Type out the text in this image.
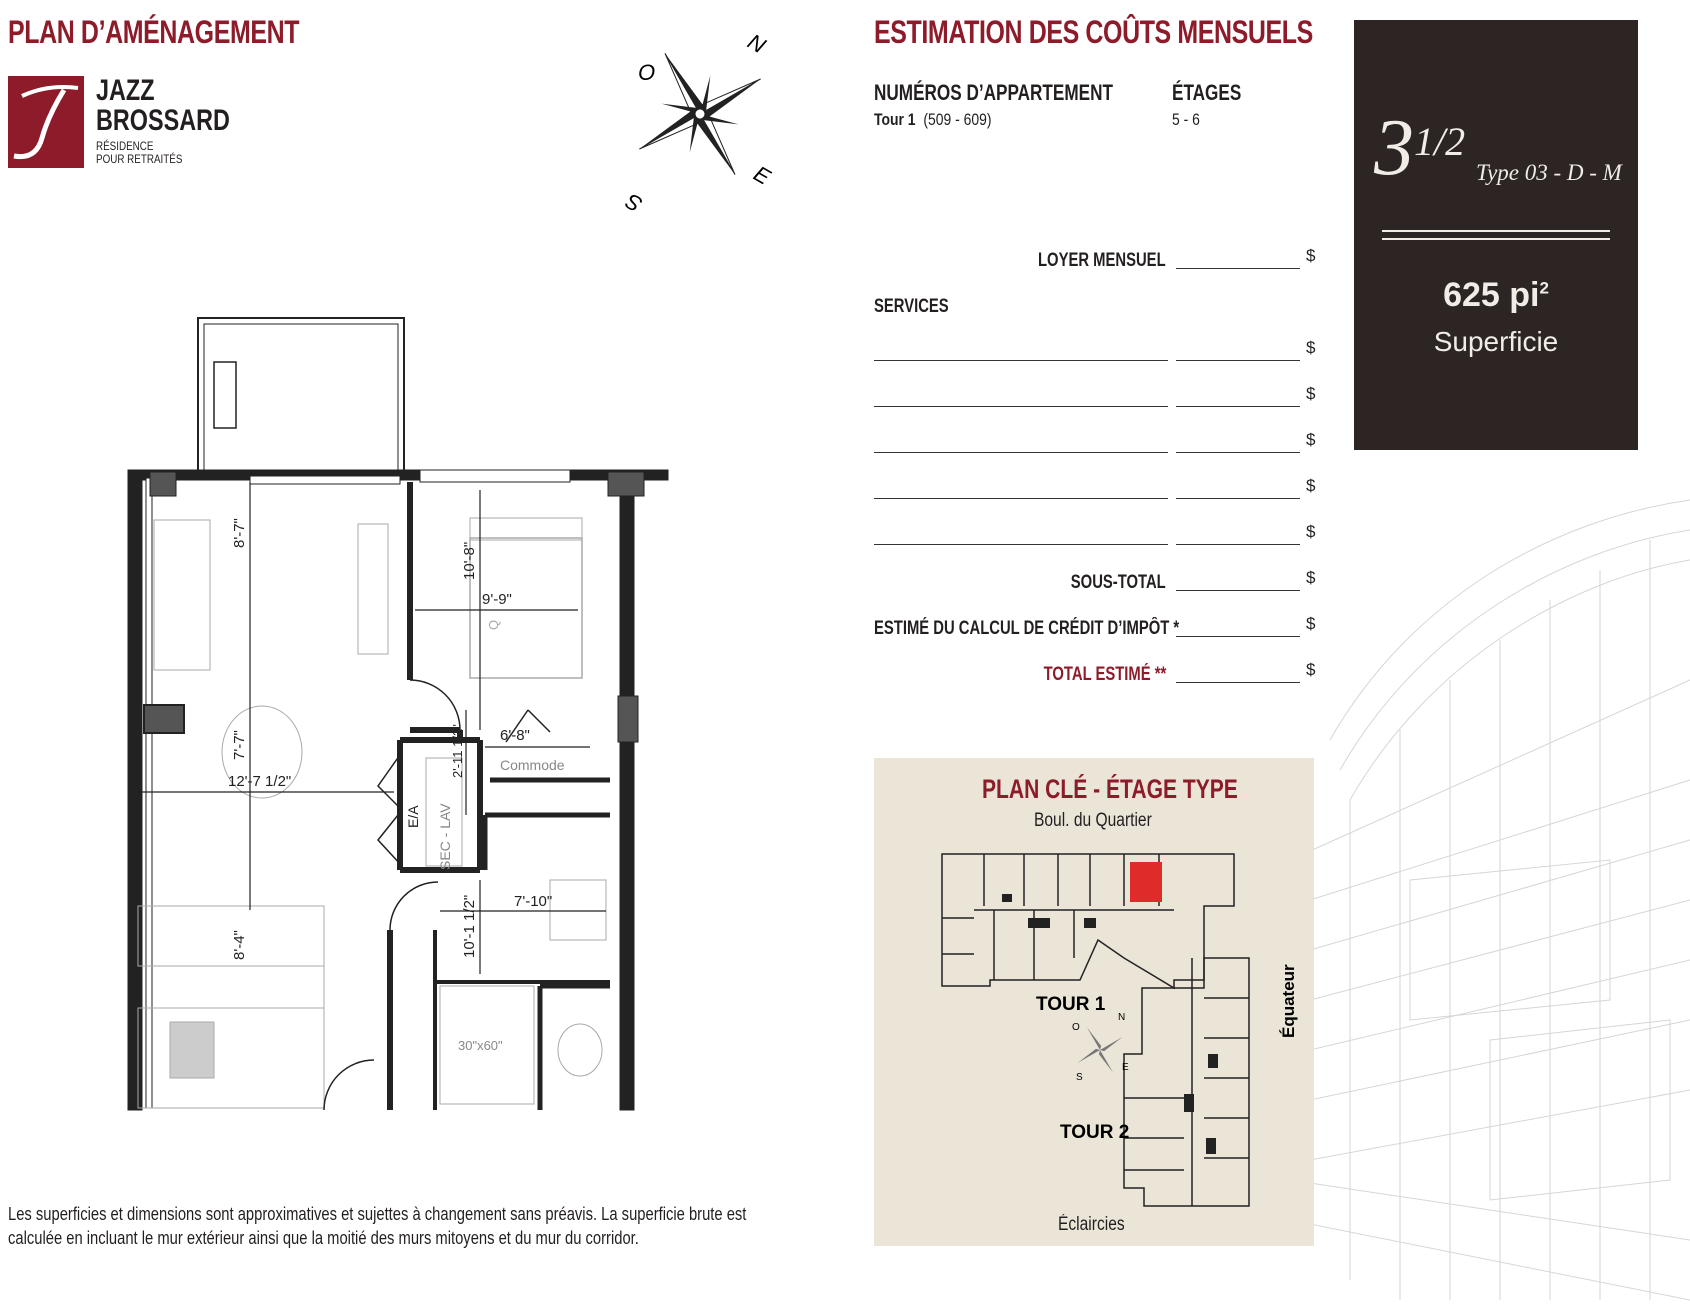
PLAN D’AMÉNAGEMENT
JAZZ
BROSSARD
RÉSIDENCE
POUR RETRAITÉS
N
E
S
O
8'-7"
10'-8"
9'-9"
7'-7"
12'-7 1/2"
6'-8"
2'-11 1/2"
8'-4"	10'-1 1/2" 7'-10"
E/A SEC - LAV
Commode
30"x60"
Q
Les superficies et dimensions sont approximatives et sujettes à changement sans préavis. La superficie brute est
calculée en incluant le mur extérieur ainsi que la moitié des murs mitoyens et du mur du corridor.
ESTIMATION DES COÛTS MENSUELS
NUMÉROS D’APPARTEMENT
Tour 1 (509 - 609)
ÉTAGES
5 - 6
LOYER MENSUEL	$
SERVICES
$
$
$
$
$
SOUS-TOTAL	$
ESTIMÉ DU CALCUL DE CRÉDIT D’IMPÔT *	$
TOTAL ESTIMÉ **	$
PLAN CLÉ - ÉTAGE TYPE
Boul. du Quartier
Éclaircies
N
E
S
O
TOUR 1
TOUR 2
Équateur
3 1/2
Type 03 - D - M
625 $pi^2$
Superficie
